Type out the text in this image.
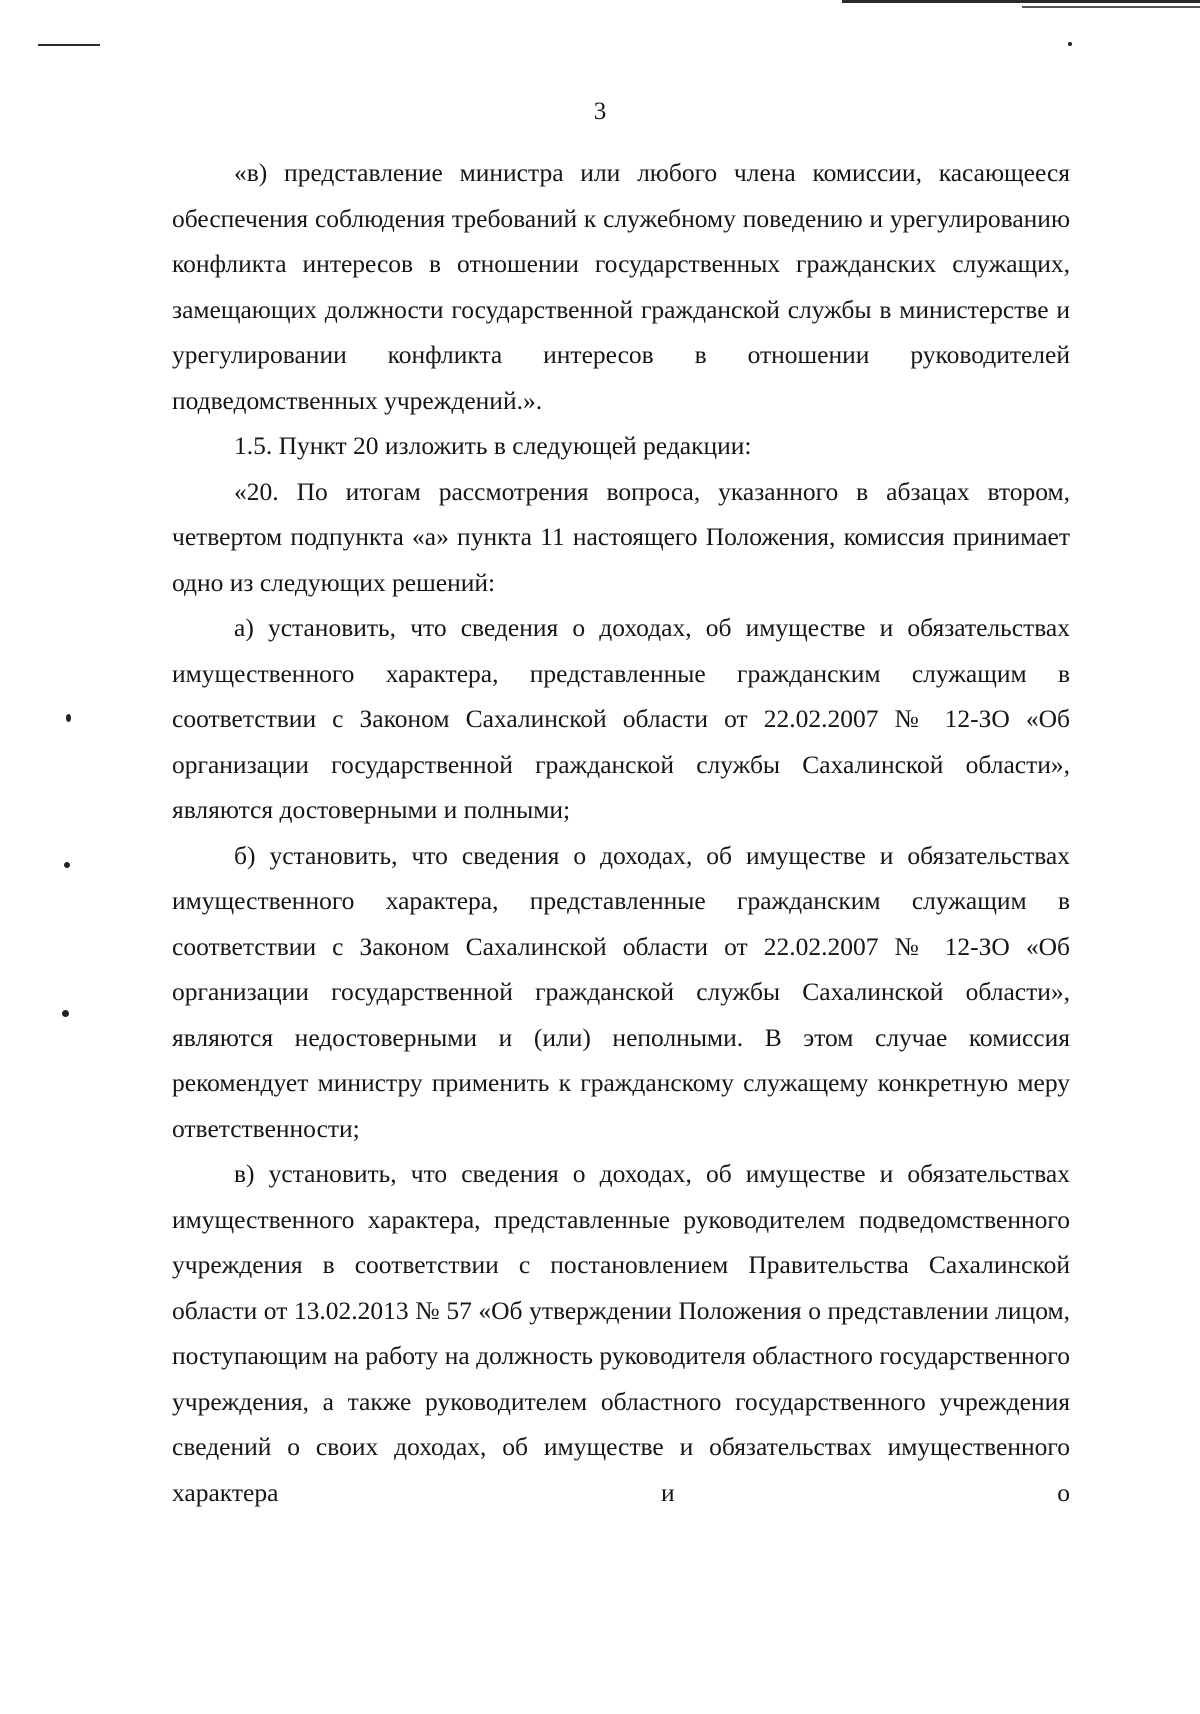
3

«в) представление министра или любого члена комиссии, касающееся обеспечения соблюдения требований к служебному поведению и урегулированию конфликта интересов в отношении государственных гражданских служащих, замещающих должности государственной гражданской службы в министерстве и урегулировании конфликта интересов в отношении руководителей подведомственных учреждений.».

1.5. Пункт 20 изложить в следующей редакции:

«20. По итогам рассмотрения вопроса, указанного в абзацах втором, четвертом подпункта «а» пункта 11 настоящего Положения, комиссия принимает одно из следующих решений:

а) установить, что сведения о доходах, об имуществе и обязательствах имущественного характера, представленные гражданским служащим в соответствии с Законом Сахалинской области от 22.02.2007 № 12-ЗО «Об организации государственной гражданской службы Сахалинской области», являются достоверными и полными;

б) установить, что сведения о доходах, об имуществе и обязательствах имущественного характера, представленные гражданским служащим в соответствии с Законом Сахалинской области от 22.02.2007 № 12-ЗО «Об организации государственной гражданской службы Сахалинской области», являются недостоверными и (или) неполными. В этом случае комиссия рекомендует министру применить к гражданскому служащему конкретную меру ответственности;

в) установить, что сведения о доходах, об имуществе и обязательствах имущественного характера, представленные руководителем подведомственного учреждения в соответствии с постановлением Правительства Сахалинской области от 13.02.2013 № 57 «Об утверждении Положения о представлении лицом, поступающим на работу на должность руководителя областного государственного учреждения, а также руководителем областного государственного учреждения сведений о своих доходах, об имуществе и обязательствах имущественного характера и о
